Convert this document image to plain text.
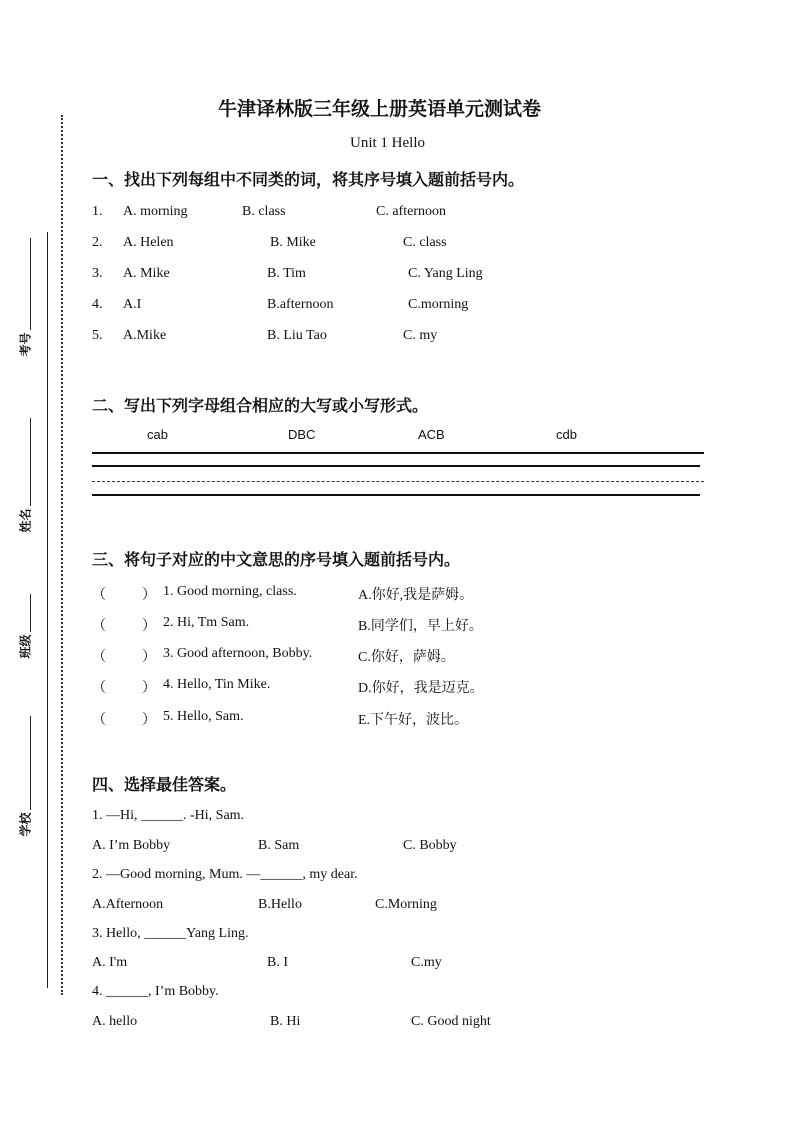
考号
姓名
班级
学校
牛津译林版三年级上册英语单元测试卷
Unit 1 Hello
一、找出下列每组中不同类的词，将其序号填入题前括号内。
1. A. morning	B. class	C. afternoon
2. A. Helen	B. Mike	C. class
3. A. Mike	B. Tim	C. Yang Ling
4. A.I	B.afternoon	C.morning
5. A.Mike	B. Liu Tao	C. my
二、写出下列字母组合相应的大写或小写形式。
cab	DBC	ACB	cdb
三、将句子对应的中文意思的序号填入题前括号内。
（	） 1. Good morning, class.	A.你好,我是萨姆。
（	） 2. Hi, Tm Sam.	B.同学们，早上好。
（	） 3. Good afternoon, Bobby.	C.你好，萨姆。
（	） 4. Hello, Tin Mike.	D.你好，我是迈克。
（	） 5. Hello, Sam.	E.下午好，波比。
四、选择最佳答案。
1. —Hi, ______. -Hi, Sam.
A. I’m Bobby	B. Sam	C. Bobby
2. —Good morning, Mum. —______, my dear.
A.Afternoon	B.Hello	C.Morning
3. Hello, ______Yang Ling.
A. I'm	B. I	C.my
4. ______, I’m Bobby.
A. hello	B. Hi	C. Good night
